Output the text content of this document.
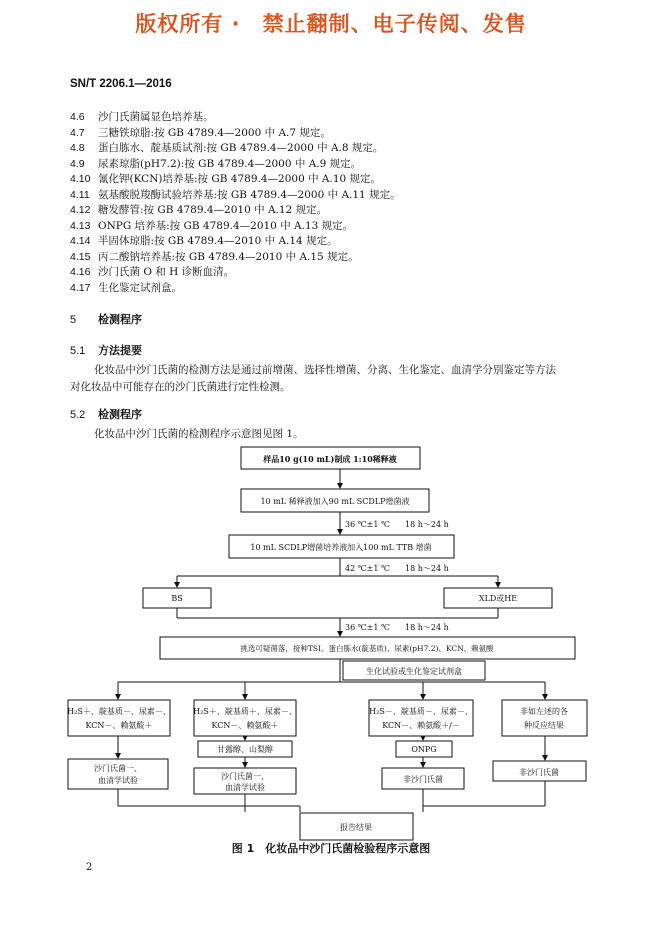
版权所有 ·　禁止翻制、电子传阅、发售
SN/T 2206.1—2016
4.6 沙门氏菌属显色培养基。
4.7 三糖铁琼脂:按 GB 4789.4—2000 中 A.7 规定。
4.8 蛋白胨水、靛基质试剂:按 GB 4789.4—2000 中 A.8 规定。
4.9 尿素琼脂(pH7.2):按 GB 4789.4—2000 中 A.9 规定。
4.10 氰化钾(KCN)培养基:按 GB 4789.4—2000 中 A.10 规定。
4.11 氨基酸脱羧酶试验培养基:按 GB 4789.4—2000 中 A.11 规定。
4.12 糖发酵管:按 GB 4789.4—2010 中 A.12 规定。
4.13 ONPG 培养基:按 GB 4789.4—2010 中 A.13 规定。
4.14 半固体琼脂:按 GB 4789.4—2010 中 A.14 规定。
4.15 丙二酸钠培养基:按 GB 4789.4—2010 中 A.15 规定。
4.16 沙门氏菌 O 和 H 诊断血清。
4.17 生化鉴定试剂盒。
5 检测程序
5.1 方法提要
化妆品中沙门氏菌的检测方法是通过前增菌、选择性增菌、分离、生化鉴定、血清学分别鉴定等方法
对化妆品中可能存在的沙门氏菌进行定性检测。
5.2 检测程序
化妆品中沙门氏菌的检测程序示意图见图 1。
样品10 g(10 mL)制成 1:10稀释液
10 mL 稀释液加入90 mL SCDLP增菌液
10 mL SCDLP增菌培养液加入100 mL TTB 增菌
BS	XLD或HE
挑选可疑菌落，接种TSI、蛋白胨水(靛基质)、尿素(pH7.2)、KCN、赖氨酸
生化试验或生化鉴定试剂盒
H₂S＋、靛基质－、尿素－、
KCN－、赖氨酸＋
H₂S＋、靛基质＋、尿素－、
KCN－、赖氨酸＋
H₂S－、靛基质－、尿素－、
KCN－、赖氨酸＋/－
非如左述的各
种反应结果
甘露醇、山梨醇	ONPG
沙门氏菌一、
血清学试验	沙门氏菌一、
血清学试验
非沙门氏菌
非沙门氏菌
报告结果
36 ℃±1 ℃ 18 h～24 h
42 ℃±1 ℃ 18 h～24 h
36 ℃±1 ℃ 18 h～24 h
图 1　化妆品中沙门氏菌检验程序示意图
2
